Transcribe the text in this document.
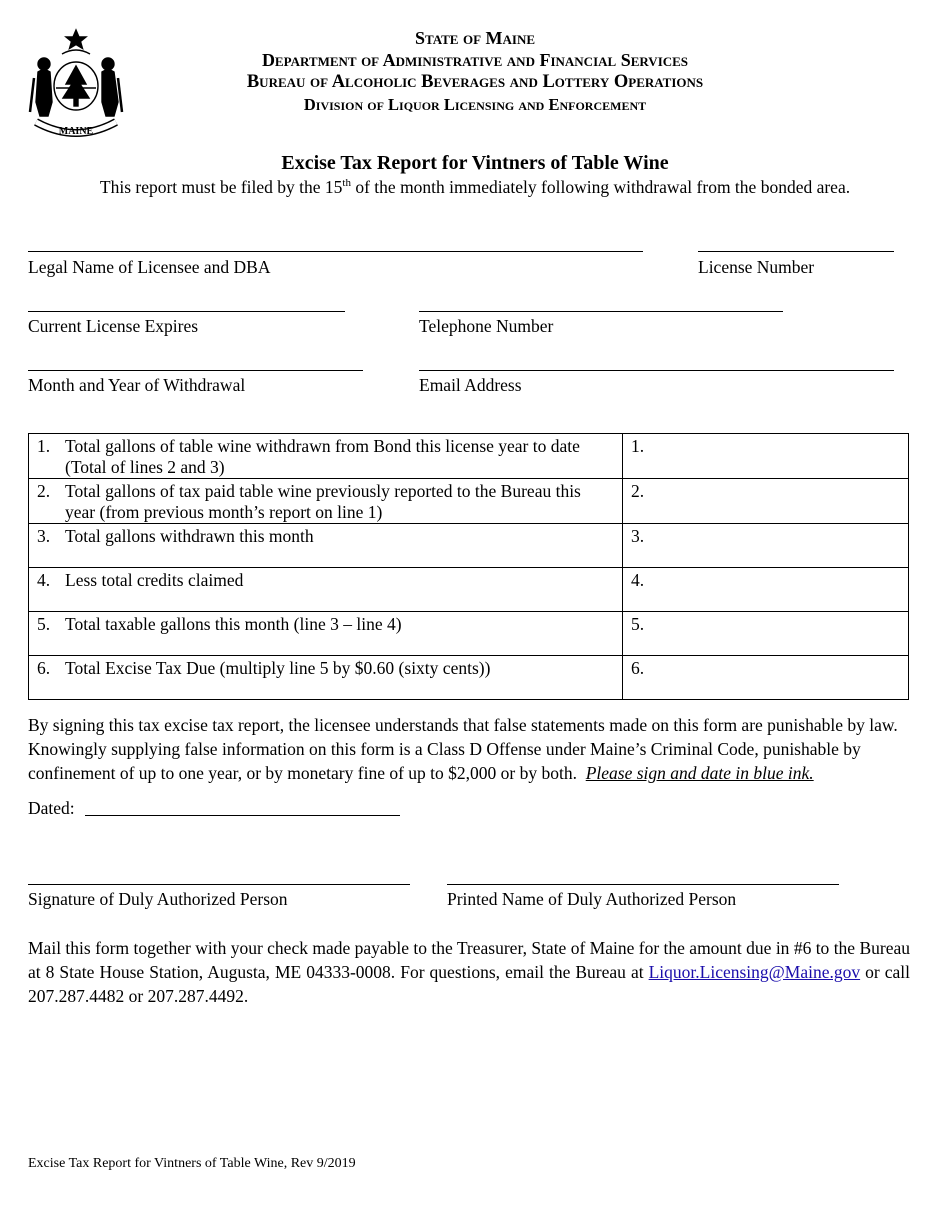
MAINE
State of Maine
Department of Administrative and Financial Services
Bureau of Alcoholic Beverages and Lottery Operations
Division of Liquor Licensing and Enforcement
Excise Tax Report for Vintners of Table Wine
This report must be filed by the 15th of the month immediately following withdrawal from the bonded area.
Legal Name of Licensee and DBA	License Number
Current License Expires	Telephone Number
Month and Year of Withdrawal	Email Address
1. Total gallons of table wine withdrawn from Bond this license year to date (Total of lines 2 and 3)	1.
2. Total gallons of tax paid table wine previously reported to the Bureau this year (from previous month’s report on line 1)	2.
3. Total gallons withdrawn this month	3.
4. Less total credits claimed	4.
5. Total taxable gallons this month (line 3 – line 4)	5.
6. Total Excise Tax Due (multiply line 5 by $0.60 (sixty cents))	6.
By signing this tax excise tax report, the licensee understands that false statements made on this form are punishable by law. Knowingly supplying false information on this form is a Class D Offense under Maine’s Criminal Code, punishable by confinement of up to one year, or by monetary fine of up to $2,000 or by both. Please sign and date in blue ink.
Dated:
Signature of Duly Authorized Person	Printed Name of Duly Authorized Person
Mail this form together with your check made payable to the Treasurer, State of Maine for the amount due in #6 to the Bureau at 8 State House Station, Augusta, ME 04333-0008. For questions, email the Bureau at Liquor.Licensing@Maine.gov or call 207.287.4482 or 207.287.4492.
Excise Tax Report for Vintners of Table Wine, Rev 9/2019
